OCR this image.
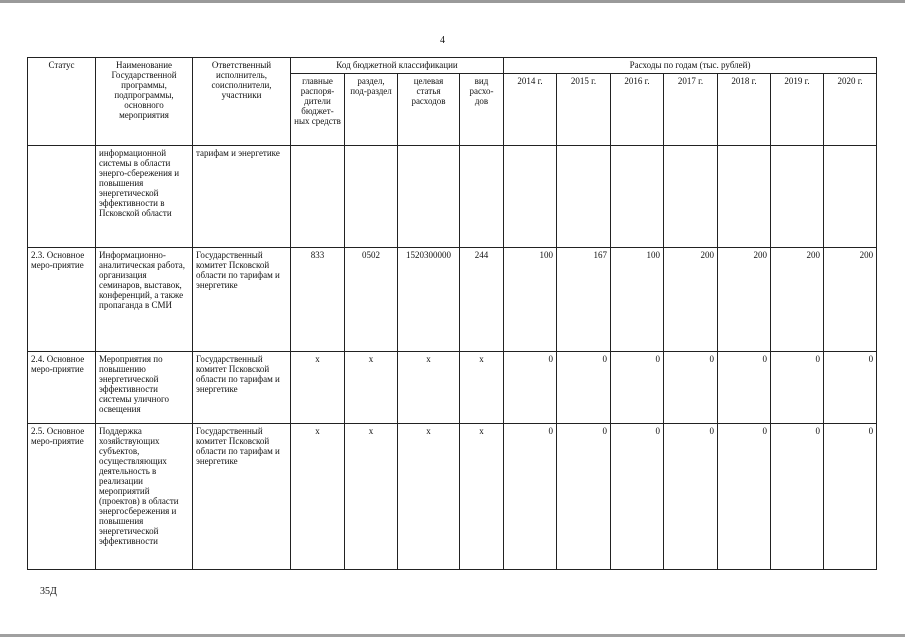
4
Статус	Наименование Государственной программы, подпрограммы, основного мероприятия	Ответственный исполнитель, соисполнители, участники	Код бюджетной классификации				Расходы по годам (тыс. рублей)						
			главные распоря-дители бюджет-ных средств	раздел, под-раздел	целевая статья расходов	вид расхо-дов	2014 г.	2015 г.	2016 г.	2017 г.	2018 г.	2019 г.	2020 г.
	информационной системы в области энерго-сбережения и повышения энергетической эффективности в Псковской области	тарифам и энергетике											
2.3. Основное меро-приятие	Информационно-аналитическая работа, организация семинаров, выставок, конференций, а также пропаганда в СМИ	Государственный комитет Псковской области по тарифам и энергетике	833	0502	1520300000	244	100	167	100	200	200	200	200
2.4. Основное меро-приятие	Мероприятия по повышению энергетической эффективности системы уличного освещения	Государственный комитет Псковской области по тарифам и энергетике	x	x	x	x	0	0	0	0	0	0	0
2.5. Основное меро-приятие	Поддержка хозяйствующих субъектов, осуществляющих деятельность в реализации мероприятий (проектов) в области энергосбережения и повышения энергетической эффективности	Государственный комитет Псковской области по тарифам и энергетике	x	x	x	x	0	0	0	0	0	0	0
35Д
